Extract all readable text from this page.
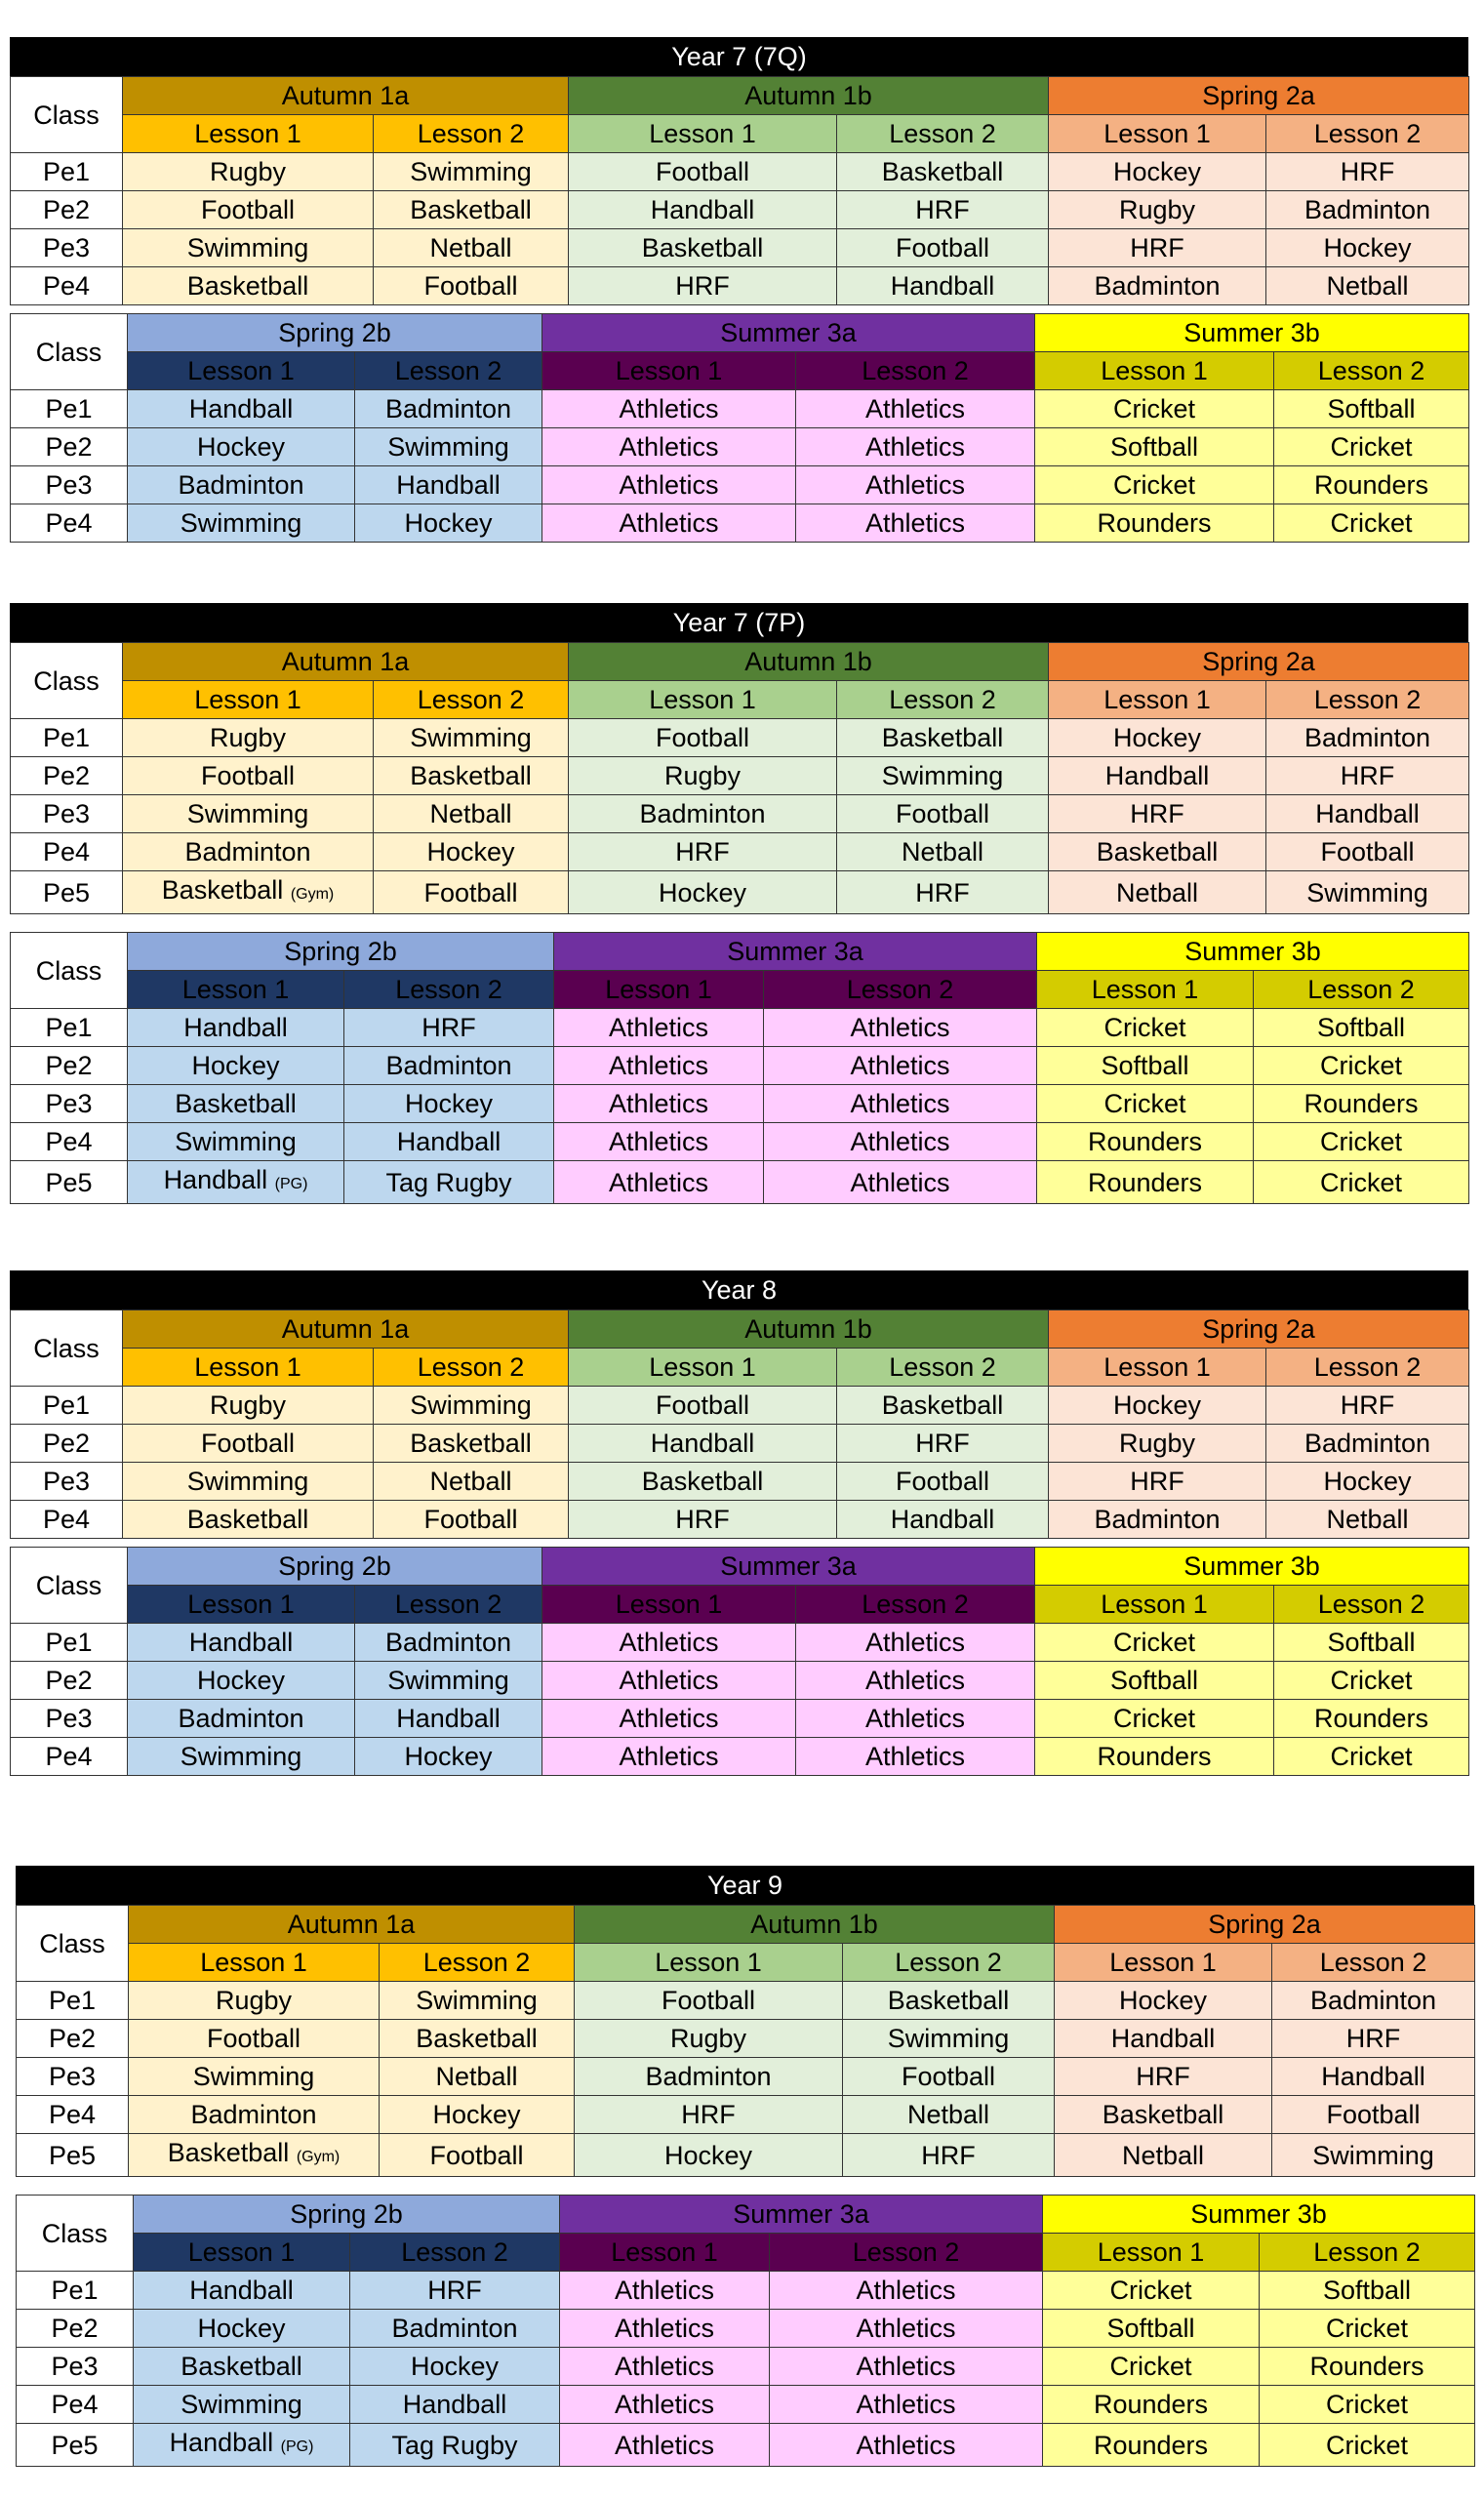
Year 7 (7Q)
Class	Autumn 1a		Autumn 1b		Spring 2a	
	Lesson 1	Lesson 2	Lesson 1	Lesson 2	Lesson 1	Lesson 2
Pe1	Rugby	Swimming	Football	Basketball	Hockey	HRF
Pe2	Football	Basketball	Handball	HRF	Rugby	Badminton
Pe3	Swimming	Netball	Basketball	Football	HRF	Hockey
Pe4	Basketball	Football	HRF	Handball	Badminton	Netball
Class	Spring 2b		Summer 3a		Summer 3b	
	Lesson 1	Lesson 2	Lesson 1	Lesson 2	Lesson 1	Lesson 2
Pe1	Handball	Badminton	Athletics	Athletics	Cricket	Softball
Pe2	Hockey	Swimming	Athletics	Athletics	Softball	Cricket
Pe3	Badminton	Handball	Athletics	Athletics	Cricket	Rounders
Pe4	Swimming	Hockey	Athletics	Athletics	Rounders	Cricket
Year 7 (7P)
Class	Autumn 1a		Autumn 1b		Spring 2a	
	Lesson 1	Lesson 2	Lesson 1	Lesson 2	Lesson 1	Lesson 2
Pe1	Rugby	Swimming	Football	Basketball	Hockey	Badminton
Pe2	Football	Basketball	Rugby	Swimming	Handball	HRF
Pe3	Swimming	Netball	Badminton	Football	HRF	Handball
Pe4	Badminton	Hockey	HRF	Netball	Basketball	Football
Pe5	Basketball (Gym)	Football	Hockey	HRF	Netball	Swimming
Class	Spring 2b		Summer 3a		Summer 3b	
	Lesson 1	Lesson 2	Lesson 1	Lesson 2	Lesson 1	Lesson 2
Pe1	Handball	HRF	Athletics	Athletics	Cricket	Softball
Pe2	Hockey	Badminton	Athletics	Athletics	Softball	Cricket
Pe3	Basketball	Hockey	Athletics	Athletics	Cricket	Rounders
Pe4	Swimming	Handball	Athletics	Athletics	Rounders	Cricket
Pe5	Handball (PG)	Tag Rugby	Athletics	Athletics	Rounders	Cricket
Year 8
Class	Autumn 1a		Autumn 1b		Spring 2a	
	Lesson 1	Lesson 2	Lesson 1	Lesson 2	Lesson 1	Lesson 2
Pe1	Rugby	Swimming	Football	Basketball	Hockey	HRF
Pe2	Football	Basketball	Handball	HRF	Rugby	Badminton
Pe3	Swimming	Netball	Basketball	Football	HRF	Hockey
Pe4	Basketball	Football	HRF	Handball	Badminton	Netball
Class	Spring 2b		Summer 3a		Summer 3b	
	Lesson 1	Lesson 2	Lesson 1	Lesson 2	Lesson 1	Lesson 2
Pe1	Handball	Badminton	Athletics	Athletics	Cricket	Softball
Pe2	Hockey	Swimming	Athletics	Athletics	Softball	Cricket
Pe3	Badminton	Handball	Athletics	Athletics	Cricket	Rounders
Pe4	Swimming	Hockey	Athletics	Athletics	Rounders	Cricket
Year 9
Class	Autumn 1a		Autumn 1b		Spring 2a	
	Lesson 1	Lesson 2	Lesson 1	Lesson 2	Lesson 1	Lesson 2
Pe1	Rugby	Swimming	Football	Basketball	Hockey	Badminton
Pe2	Football	Basketball	Rugby	Swimming	Handball	HRF
Pe3	Swimming	Netball	Badminton	Football	HRF	Handball
Pe4	Badminton	Hockey	HRF	Netball	Basketball	Football
Pe5	Basketball (Gym)	Football	Hockey	HRF	Netball	Swimming
Class	Spring 2b		Summer 3a		Summer 3b	
	Lesson 1	Lesson 2	Lesson 1	Lesson 2	Lesson 1	Lesson 2
Pe1	Handball	HRF	Athletics	Athletics	Cricket	Softball
Pe2	Hockey	Badminton	Athletics	Athletics	Softball	Cricket
Pe3	Basketball	Hockey	Athletics	Athletics	Cricket	Rounders
Pe4	Swimming	Handball	Athletics	Athletics	Rounders	Cricket
Pe5	Handball (PG)	Tag Rugby	Athletics	Athletics	Rounders	Cricket
